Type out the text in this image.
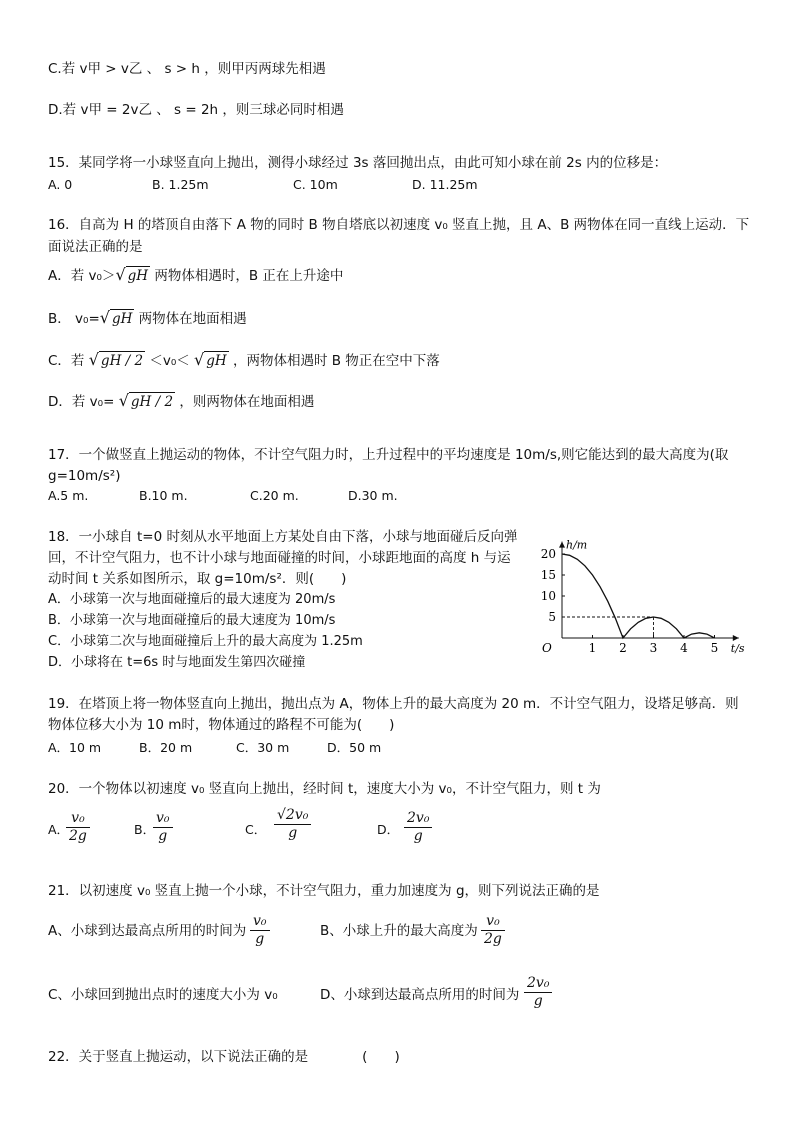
C.若 v甲 > v乙 、 s > h ，则甲丙两球先相遇
D.若 v甲 = 2v乙 、 s = 2h ，则三球必同时相遇
15．某同学将一小球竖直向上抛出，测得小球经过 3s 落回抛出点，由此可知小球在前 2s 内的位移是：
A. 0	B. 1.25m	C. 10m	D. 11.25m
16．自高为 H 的塔顶自由落下 A 物的同时 B 物自塔底以初速度 v₀ 竖直上抛，且 A、B 两物体在同一直线上运动．下
面说法正确的是
A．若 v₀＞√ gH 两物体相遇时，B 正在上升途中
B． v₀=√ gH 两物体在地面相遇
C．若 √ gH / 2 ＜v₀＜ √ gH ，两物体相遇时 B 物正在空中下落
D．若 v₀= √ gH / 2 ，则两物体在地面相遇
17．一个做竖直上抛运动的物体，不计空气阻力时，上升过程中的平均速度是 10m/s,则它能达到的最大高度为(取
g=10m/s²)
A.5 m.	B.10 m.	C.20 m.	D.30 m.
18．一小球自 t=0 时刻从水平地面上方某处自由下落，小球与地面碰后反向弹
回，不计空气阻力，也不计小球与地面碰撞的时间，小球距地面的高度 h 与运
动时间 t 关系如图所示，取 g=10m/s²．则(　　)
A．小球第一次与地面碰撞后的最大速度为 20m/s
B．小球第一次与地面碰撞后的最大速度为 10m/s
C．小球第二次与地面碰撞后上升的最大高度为 1.25m
D．小球将在 t=6s 时与地面发生第四次碰撞
1 2 3 4 5
5
10
15
20
O	t/s
h/m
19．在塔顶上将一物体竖直向上抛出，抛出点为 A，物体上升的最大高度为 20 m．不计空气阻力，设塔足够高．则
物体位移大小为 10 m时，物体通过的路程不可能为(　　)
A．10 m	B．20 m	C．30 m	D．50 m
20．一个物体以初速度 v₀ 竖直向上抛出，经时间 t，速度大小为 v₀，不计空气阻力，则 t 为
A．
$\frac{\text{v₀}}{2g}$	B．
$\frac{\text{v₀}}{g}$	C． $\frac{\text{√2v₀}}{g}$	D． $\frac{\text{2v₀}}{g}$
21．以初速度 v₀ 竖直上抛一个小球，不计空气阻力，重力加速度为 g，则下列说法正确的是
A、小球到达最高点所用的时间为 $\frac{\text{v₀}}{g}$	B、小球上升的最大高度为 $\frac{\text{v₀}}{2g}$
C、小球回到抛出点时的速度大小为 v₀	D、小球到达最高点所用的时间为 $\frac{\text{2v₀}}{g}$
22．关于竖直上抛运动，以下说法正确的是　　　　(　　)
